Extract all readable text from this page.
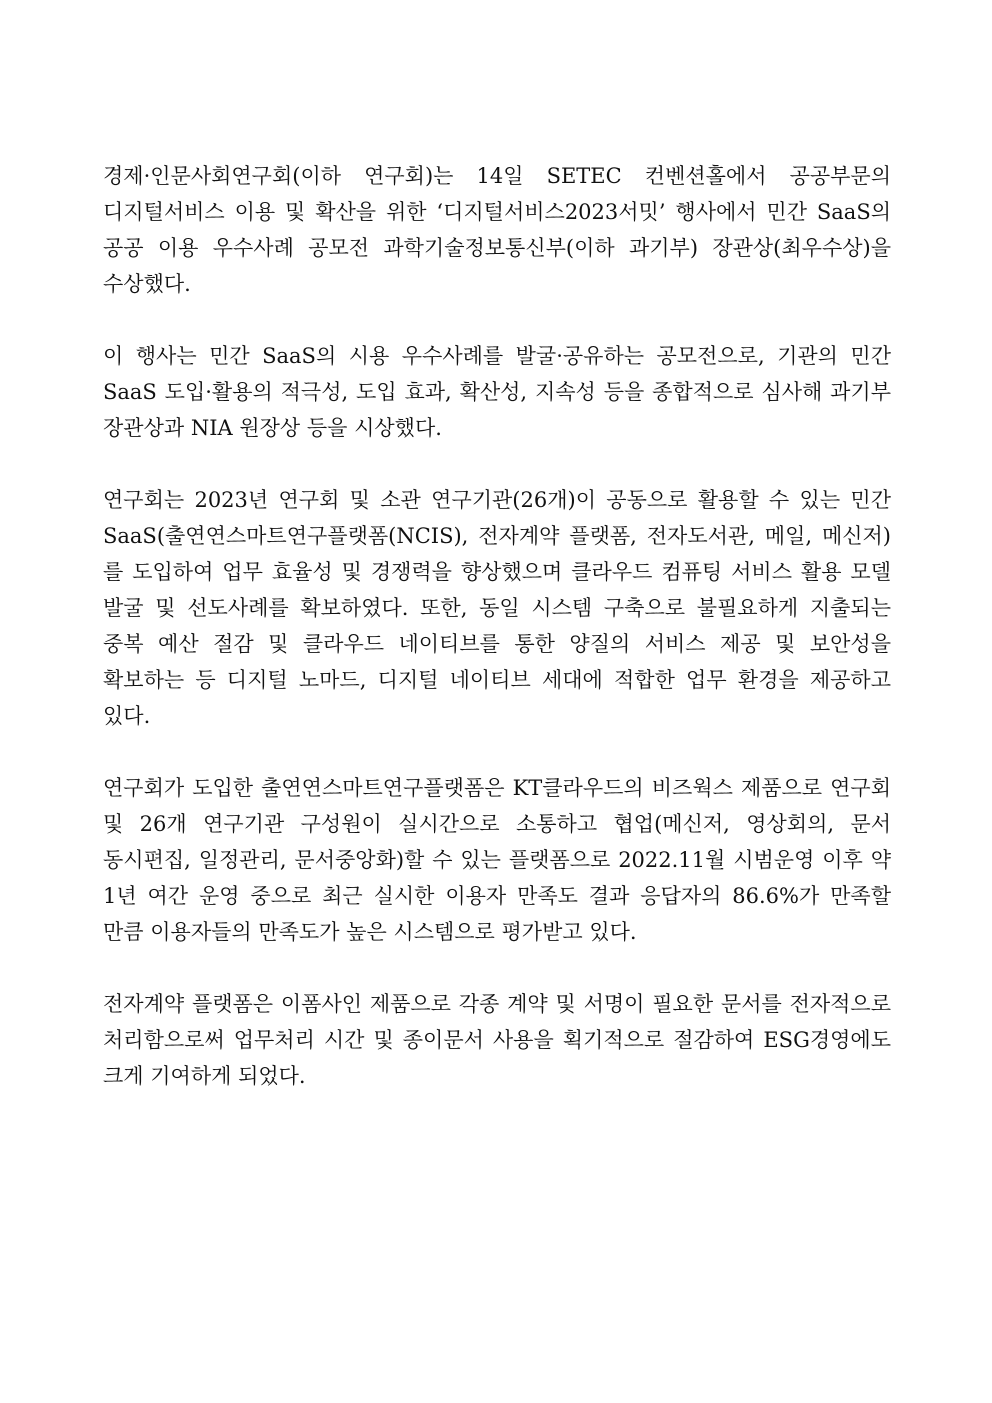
경제·인문사회연구회(이하 연구회)는 14일 SETEC 컨벤션홀에서 공공부문의 디지털서비스 이용 및 확산을 위한 ‘디지털서비스2023서밋’ 행사에서 민간 SaaS의 공공 이용 우수사례 공모전 과학기술정보통신부(이하 과기부) 장관상(최우수상)을 수상했다.

이 행사는 민간 SaaS의 시용 우수사례를 발굴·공유하는 공모전으로, 기관의 민간 SaaS 도입·활용의 적극성, 도입 효과, 확산성, 지속성 등을 종합적으로 심사해 과기부 장관상과 NIA 원장상 등을 시상했다.

연구회는 2023년 연구회 및 소관 연구기관(26개)이 공동으로 활용할 수 있는 민간 SaaS(출연연스마트연구플랫폼(NCIS), 전자계약 플랫폼, 전자도서관, 메일, 메신저)를 도입하여 업무 효율성 및 경쟁력을 향상했으며 클라우드 컴퓨팅 서비스 활용 모델 발굴 및 선도사례를 확보하였다. 또한, 동일 시스템 구축으로 불필요하게 지출되는 중복 예산 절감 및 클라우드 네이티브를 통한 양질의 서비스 제공 및 보안성을 확보하는 등 디지털 노마드, 디지털 네이티브 세대에 적합한 업무 환경을 제공하고 있다.

연구회가 도입한 출연연스마트연구플랫폼은 KT클라우드의 비즈웍스 제품으로 연구회 및 26개 연구기관 구성원이 실시간으로 소통하고 협업(메신저, 영상회의, 문서 동시편집, 일정관리, 문서중앙화)할 수 있는 플랫폼으로 2022.11월 시범운영 이후 약 1년 여간 운영 중으로 최근 실시한 이용자 만족도 결과 응답자의 86.6%가 만족할 만큼 이용자들의 만족도가 높은 시스템으로 평가받고 있다.

전자계약 플랫폼은 이폼사인 제품으로 각종 계약 및 서명이 필요한 문서를 전자적으로 처리함으로써 업무처리 시간 및 종이문서 사용을 획기적으로 절감하여 ESG경영에도 크게 기여하게 되었다.
